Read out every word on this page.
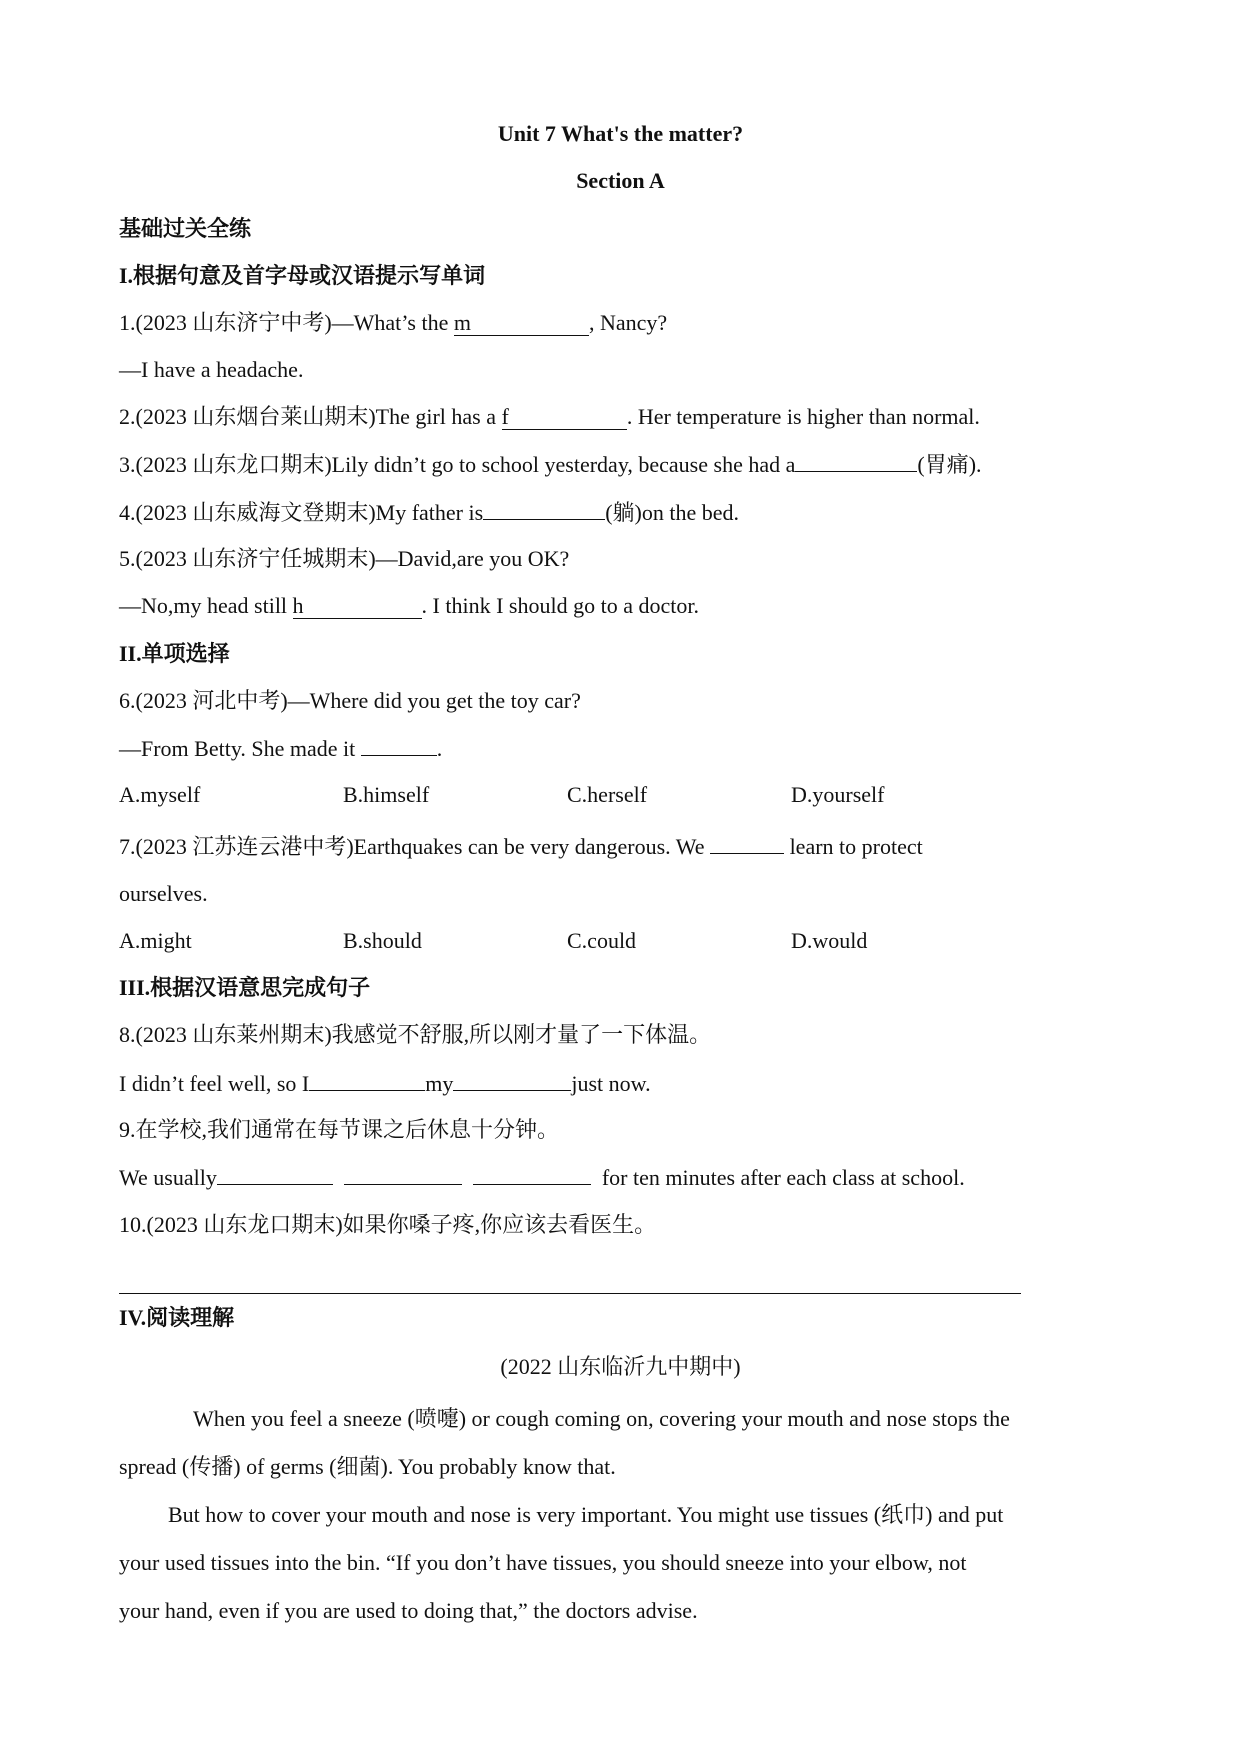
Unit 7 What's the matter?
Section A
基础过关全练
I.根据句意及首字母或汉语提示写单词
1.(2023 山东济宁中考)—What’s the m	, Nancy?
—I have a headache.
2.(2023 山东烟台莱山期末)The girl has a f	. Her temperature is higher than normal.
3.(2023 山东龙口期末)Lily didn’t go to school yesterday, because she had a	(胃痛).
4.(2023 山东威海文登期末)My father is	(躺)on the bed.
5.(2023 山东济宁任城期末)—David,are you OK?
—No,my head still h	. I think I should go to a doctor.
II.单项选择
6.(2023 河北中考)—Where did you get the toy car?
—From Betty. She made it	.
A.myself	B.himself	C.herself	D.yourself
7.(2023 江苏连云港中考)Earthquakes can be very dangerous. We	learn to protect
ourselves.
A.might	B.should	C.could	D.would
III.根据汉语意思完成句子
8.(2023 山东莱州期末)我感觉不舒服,所以刚才量了一下体温。
I didn’t feel well, so I	my	just now.
9.在学校,我们通常在每节课之后休息十分钟。
We usually	for ten minutes after each class at school.
10.(2023 山东龙口期末)如果你嗓子疼,你应该去看医生。
IV.阅读理解
(2022 山东临沂九中期中)
When you feel a sneeze (喷嚏) or cough coming on, covering your mouth and nose stops the
spread (传播) of germs (细菌). You probably know that.
But how to cover your mouth and nose is very important. You might use tissues (纸巾) and put
your used tissues into the bin. “If you don’t have tissues, you should sneeze into your elbow, not
your hand, even if you are used to doing that,” the doctors advise.
